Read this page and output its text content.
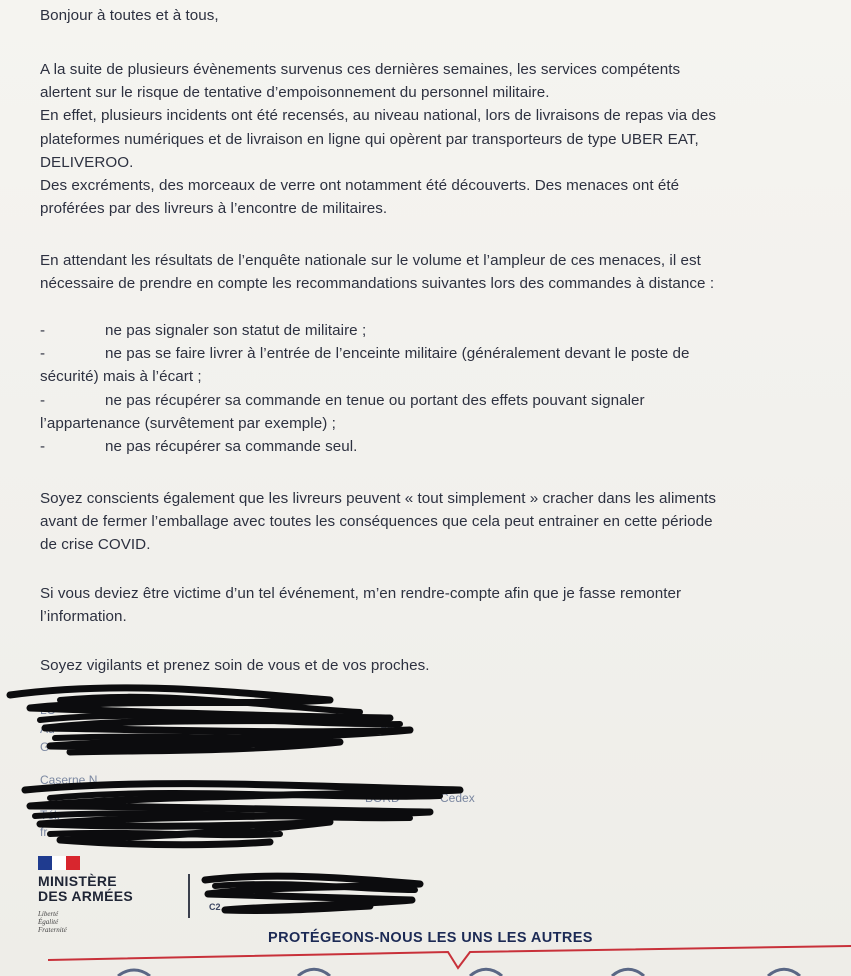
Bonjour à toutes et à tous,

A la suite de plusieurs évènements survenus ces dernières semaines, les services compétents

alertent sur le risque de tentative d’empoisonnement du personnel militaire.

En effet, plusieurs incidents ont été recensés, au niveau national, lors de livraisons de repas via des

plateformes numériques et de livraison en ligne qui opèrent par transporteurs de type UBER EAT,

DELIVEROO.

Des excréments, des morceaux de verre ont notamment été découverts. Des menaces ont été

proférées par des livreurs à l’encontre de militaires.

En attendant les résultats de l’enquête nationale sur le volume et l’ampleur de ces menaces, il est

nécessaire de prendre en compte les recommandations suivantes lors des commandes à distance :

-	ne pas signaler son statut de militaire ;

-	ne pas se faire livrer à l’entrée de l’enceinte militaire (généralement devant le poste de
sécurité) mais à l’écart ;

-	ne pas récupérer sa commande en tenue ou portant des effets pouvant signaler
l’appartenance (survêtement par exemple) ;

-	ne pas récupérer sa commande seul.

Soyez conscients également que les livreurs peuvent « tout simplement » cracher dans les aliments

avant de fermer l’emballage avec toutes les conséquences que cela peut entrainer en cette période

de crise COVID.

Si vous deviez être victime d’un tel événement, m’en rendre-compte afin que je fasse remonter

l’information.

Soyez vigilants et prenez soin de vous et de vos proches.

LC
Ad
G
gen
Caserne N
Tél.
fr
BORD	Cedex
75
MINISTÈRE
DES ARMÉES
Liberté
Égalité
Fraternité
C2
PROTÉGEONS-NOUS LES UNS LES AUTRES
